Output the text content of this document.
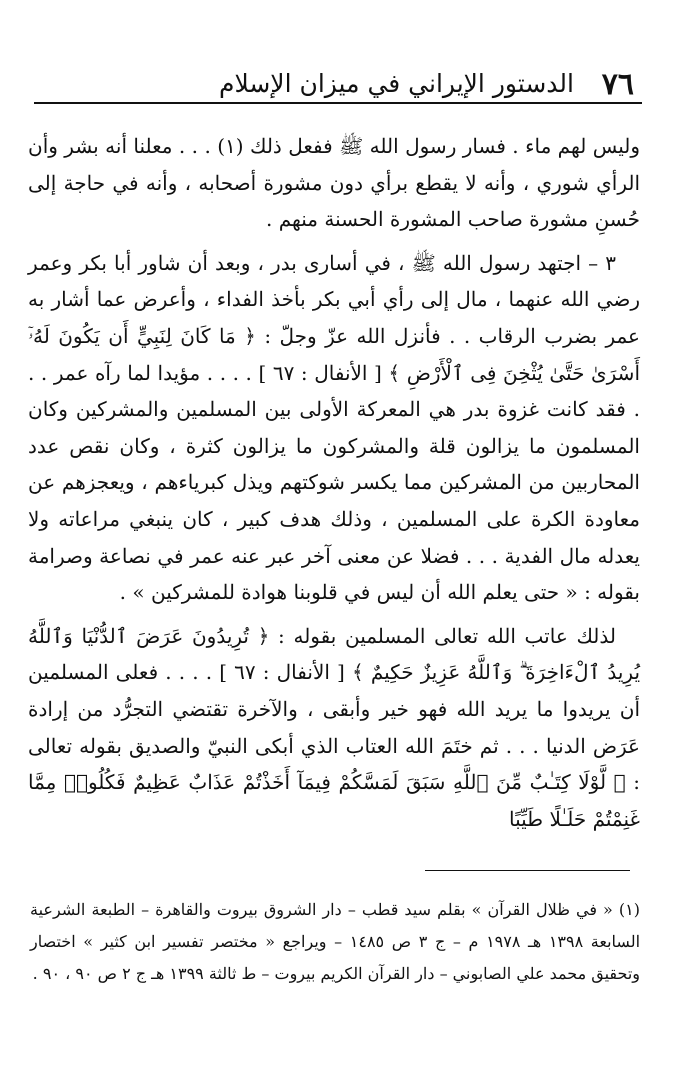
٧٦
الدستور الإيراني في ميزان الإسلام

وليس لهم ماء . فسار رسول الله ﷺ ففعل ذلك (١) . . . معلنا أنه بشر وأن الرأي شوري ، وأنه لا يقطع برأي دون مشورة أصحابه ، وأنه في حاجة إلى حُسنِ مشورة صاحب المشورة الحسنة منهم .

٣ – اجتهد رسول الله ﷺ ، في أسارى بدر ، وبعد أن شاور أبا بكر وعمر رضي الله عنهما ، مال إلى رأي أبي بكر بأخذ الفداء ، وأعرض عما أشار به عمر بضرب الرقاب . . فأنزل الله عزّ وجلّ : ﴿ مَا كَانَ لِنَبِيٍّ أَن يَكُونَ لَهُۥٓ أَسْرَىٰ حَتَّىٰ يُثْخِنَ فِى ٱلْأَرْضِ ﴾ [ الأنفال : ٦٧ ] . . . . مؤيدا لما رآه عمر . . . فقد كانت غزوة بدر هي المعركة الأولى بين المسلمين والمشركين وكان المسلمون ما يزالون قلة والمشركون ما يزالون كثرة ، وكان نقص عدد المحاربين من المشركين مما يكسر شوكتهم ويذل كبرياءهم ، ويعجزهم عن معاودة الكرة على المسلمين ، وذلك هدف كبير ، كان ينبغي مراعاته ولا يعدله مال الفدية . . . فضلا عن معنى آخر عبر عنه عمر في نصاعة وصرامة بقوله : « حتى يعلم الله أن ليس في قلوبنا هوادة للمشركين » .

لذلك عاتب الله تعالى المسلمين بقوله : ﴿ تُرِيدُونَ عَرَضَ ٱلدُّنْيَا وَٱللَّهُ يُرِيدُ ٱلْءَاخِرَةَ ۗ وَٱللَّهُ عَزِيزٌ حَكِيمٌ ﴾ [ الأنفال : ٦٧ ] . . . . فعلى المسلمين أن يريدوا ما يريد الله فهو خير وأبقى ، والآخرة تقتضي التجرُّد من إرادة عَرَض الدنيا . . . ثم ختَمَ الله العتاب الذي أبكى النبيّ والصديق بقوله تعالى : ﴿ لَّوْلَا كِتَـٰبٌ مِّنَ ٱللَّهِ سَبَقَ لَمَسَّكُمْ فِيمَآ أَخَذْتُمْ عَذَابٌ عَظِيمٌ فَكُلُوا۟ مِمَّا غَنِمْتُمْ حَلَـٰلًا طَيِّبًا

(١) « في ظلال القرآن » بقلم سيد قطب – دار الشروق بيروت والقاهرة – الطبعة الشرعية السابعة ١٣٩٨ هـ ١٩٧٨ م – ج ٣ ص ١٤٨٥ – ويراجع « مختصر تفسير ابن كثير » اختصار وتحقيق محمد علي الصابوني – دار القرآن الكريم بيروت – ط ثالثة ١٣٩٩ هـ ج ٢ ص ٩٠ ، ٩٠ .
